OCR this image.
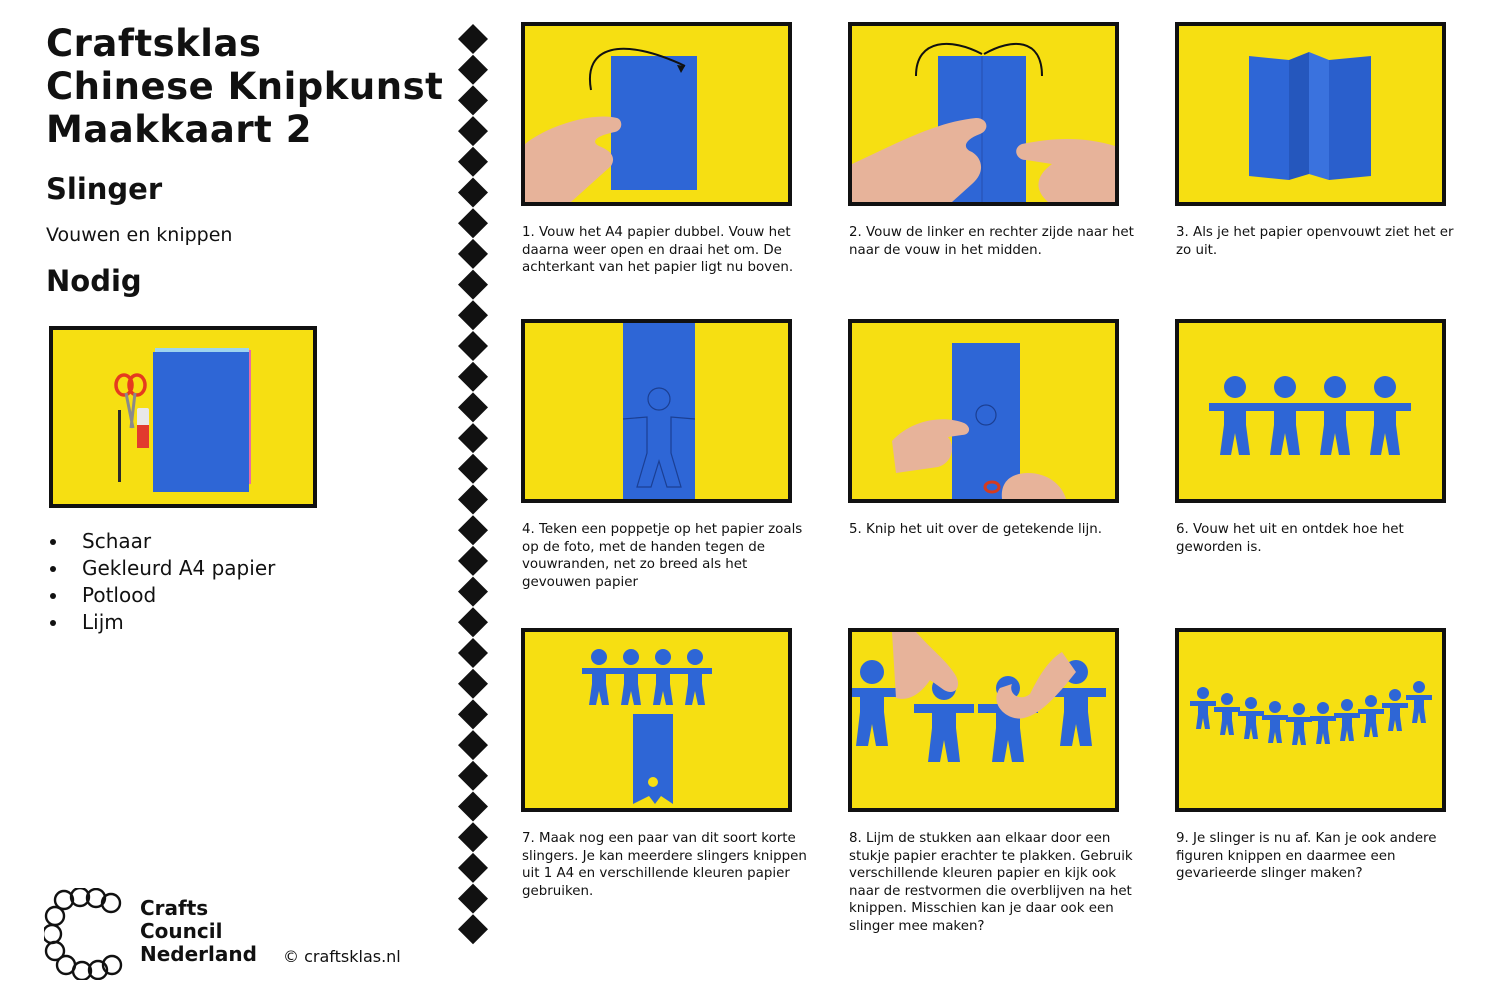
Craftsklas
Chinese Knipkunst
Maakkaart 2
Slinger
Vouwen en knippen
Nodig
Schaar
Gekleurd A4 papier
Potlood
Lijm
Crafts
Council
Nederland © craftsklas.nl
1. Vouw het A4 papier dubbel. Vouw het daarna weer open en draai het om. De achterkant van het papier ligt nu boven.
2. Vouw de linker en rechter zijde naar het naar de vouw in het midden.
3. Als je het papier openvouwt ziet het er zo uit.
4. Teken een poppetje op het papier zoals op de foto, met de handen tegen de vouwranden, net zo breed als het gevouwen papier
5. Knip het uit over de getekende lijn.	6. Vouw het uit en ontdek hoe het geworden is.
7. Maak nog een paar van dit soort korte slingers. Je kan meerdere slingers knippen uit 1 A4 en verschillende kleuren papier gebruiken.
8. Lijm de stukken aan elkaar door een stukje papier erachter te plakken. Gebruik verschillende kleuren papier en kijk ook naar de restvormen die overblijven na het knippen. Misschien kan je daar ook een slinger mee maken?
9. Je slinger is nu af. Kan je ook andere figuren knippen en daarmee een gevarieerde slinger maken?
